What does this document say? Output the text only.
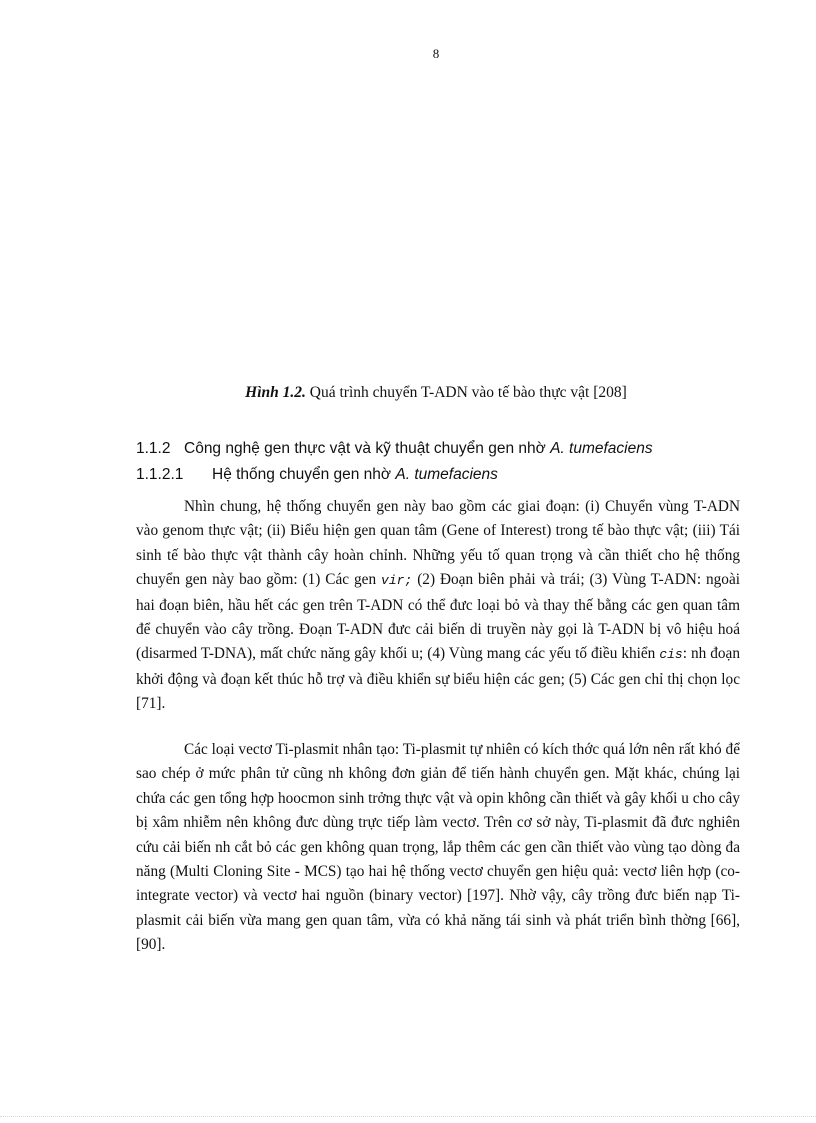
8
Hình 1.2. Quá trình chuyển T-ADN vào tế bào thực vật [208]
1.1.2 Công nghệ gen thực vật và kỹ thuật chuyển gen nhờ A. tumefaciens
1.1.2.1 Hệ thống chuyển gen nhờ A. tumefaciens

Nhìn chung, hệ thống chuyển gen này bao gồm các giai đoạn: (i) Chuyển vùng T-ADN vào genom thực vật; (ii) Biểu hiện gen quan tâm (Gene of Interest) trong tế bào thực vật; (iii) Tái sinh tế bào thực vật thành cây hoàn chỉnh. Những yếu tố quan trọng và cần thiết cho hệ thống chuyển gen này bao gồm: (1) Các gen vir; (2) Đoạn biên phải và trái; (3) Vùng T-ADN: ngoài hai đoạn biên, hầu hết các gen trên T-ADN có thể đưc loại bỏ và thay thế bằng các gen quan tâm để chuyển vào cây trồng. Đoạn T-ADN đưc cải biến di truyền này gọi là T-ADN bị vô hiệu hoá (disarmed T-DNA), mất chức năng gây khối u; (4) Vùng mang các yếu tố điều khiển cis: nh đoạn khởi động và đoạn kết thúc hỗ trợ và điều khiển sự biểu hiện các gen; (5) Các gen chỉ thị chọn lọc [71].

Các loại vectơ Ti-plasmit nhân tạo: Ti-plasmit tự nhiên có kích thớc quá lớn nên rất khó để sao chép ở mức phân tử cũng nh không đơn giản để tiến hành chuyển gen. Mặt khác, chúng lại chứa các gen tổng hợp hoocmon sinh trởng thực vật và opin không cần thiết và gây khối u cho cây bị xâm nhiễm nên không đưc dùng trực tiếp làm vectơ. Trên cơ sở này, Ti-plasmit đã đưc nghiên cứu cải biến nh cắt bỏ các gen không quan trọng, lắp thêm các gen cần thiết vào vùng tạo dòng đa năng (Multi Cloning Site - MCS) tạo hai hệ thống vectơ chuyển gen hiệu quả: vectơ liên hợp (co-integrate vector) và vectơ hai nguồn (binary vector) [197]. Nhờ vậy, cây trồng đưc biến nạp Ti-plasmit cải biến vừa mang gen quan tâm, vừa có khả năng tái sinh và phát triển bình thờng [66], [90].
